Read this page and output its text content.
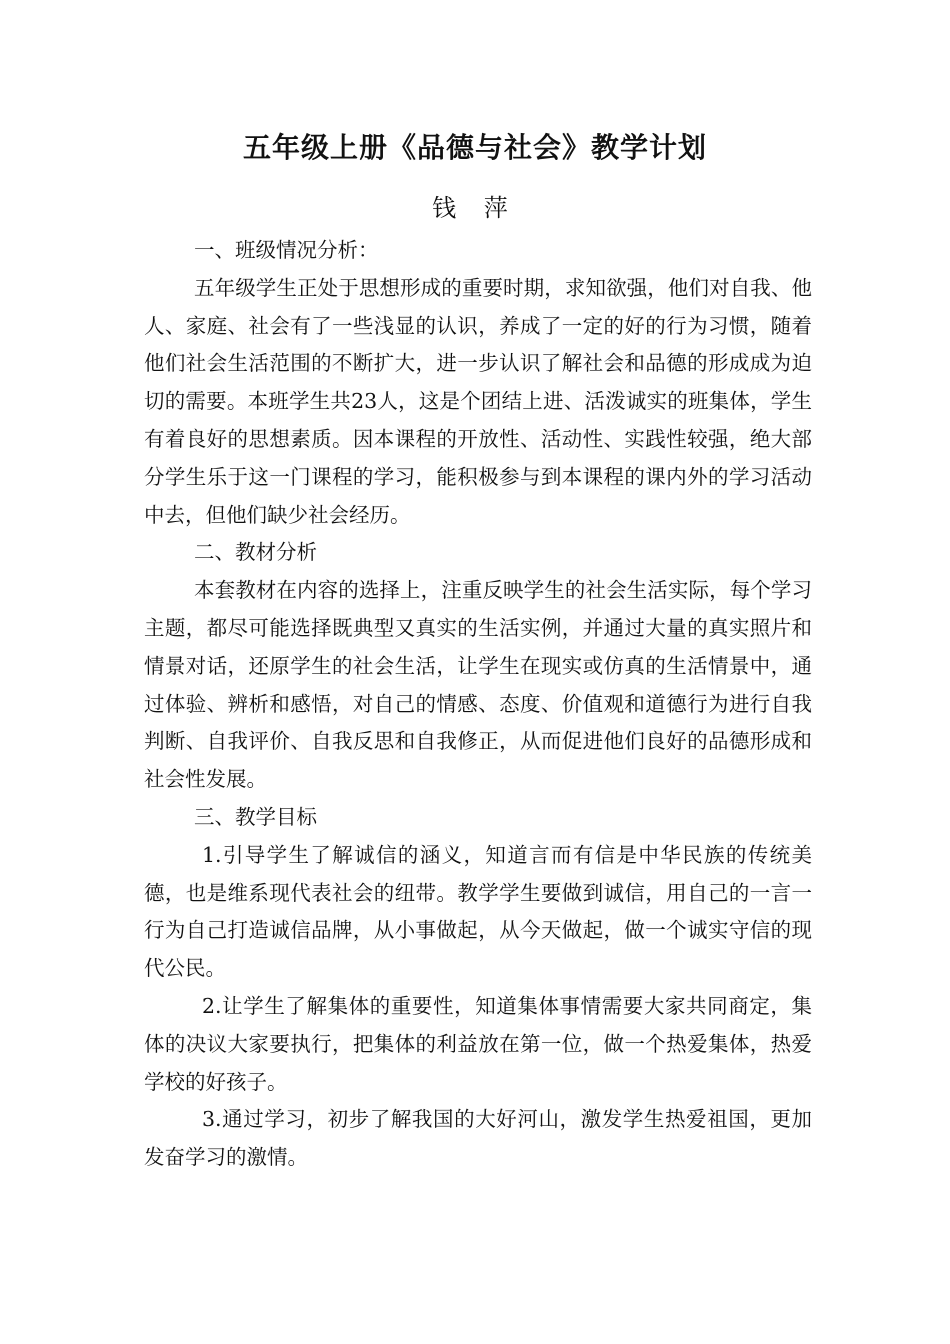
五年级上册《品德与社会》教学计划
钱 萍

一、班级情况分析：

五年级学生正处于思想形成的重要时期，求知欲强，他们对自我、他人、家庭、社会有了一些浅显的认识，养成了一定的好的行为习惯，随着他们社会生活范围的不断扩大，进一步认识了解社会和品德的形成成为迫切的需要。本班学生共23人，这是个团结上进、活泼诚实的班集体，学生有着良好的思想素质。因本课程的开放性、活动性、实践性较强，绝大部分学生乐于这一门课程的学习，能积极参与到本课程的课内外的学习活动中去，但他们缺少社会经历。

二、教材分析

本套教材在内容的选择上，注重反映学生的社会生活实际，每个学习主题，都尽可能选择既典型又真实的生活实例，并通过大量的真实照片和情景对话，还原学生的社会生活，让学生在现实或仿真的生活情景中，通过体验、辨析和感悟，对自己的情感、态度、价值观和道德行为进行自我判断、自我评价、自我反思和自我修正，从而促进他们良好的品德形成和社会性发展。

三、教学目标

1.引导学生了解诚信的涵义，知道言而有信是中华民族的传统美德，也是维系现代表社会的纽带。教学学生要做到诚信，用自己的一言一行为自己打造诚信品牌，从小事做起，从今天做起，做一个诚实守信的现代公民。

2.让学生了解集体的重要性，知道集体事情需要大家共同商定，集体的决议大家要执行，把集体的利益放在第一位，做一个热爱集体，热爱学校的好孩子。

3.通过学习，初步了解我国的大好河山，激发学生热爱祖国，更加发奋学习的激情。
